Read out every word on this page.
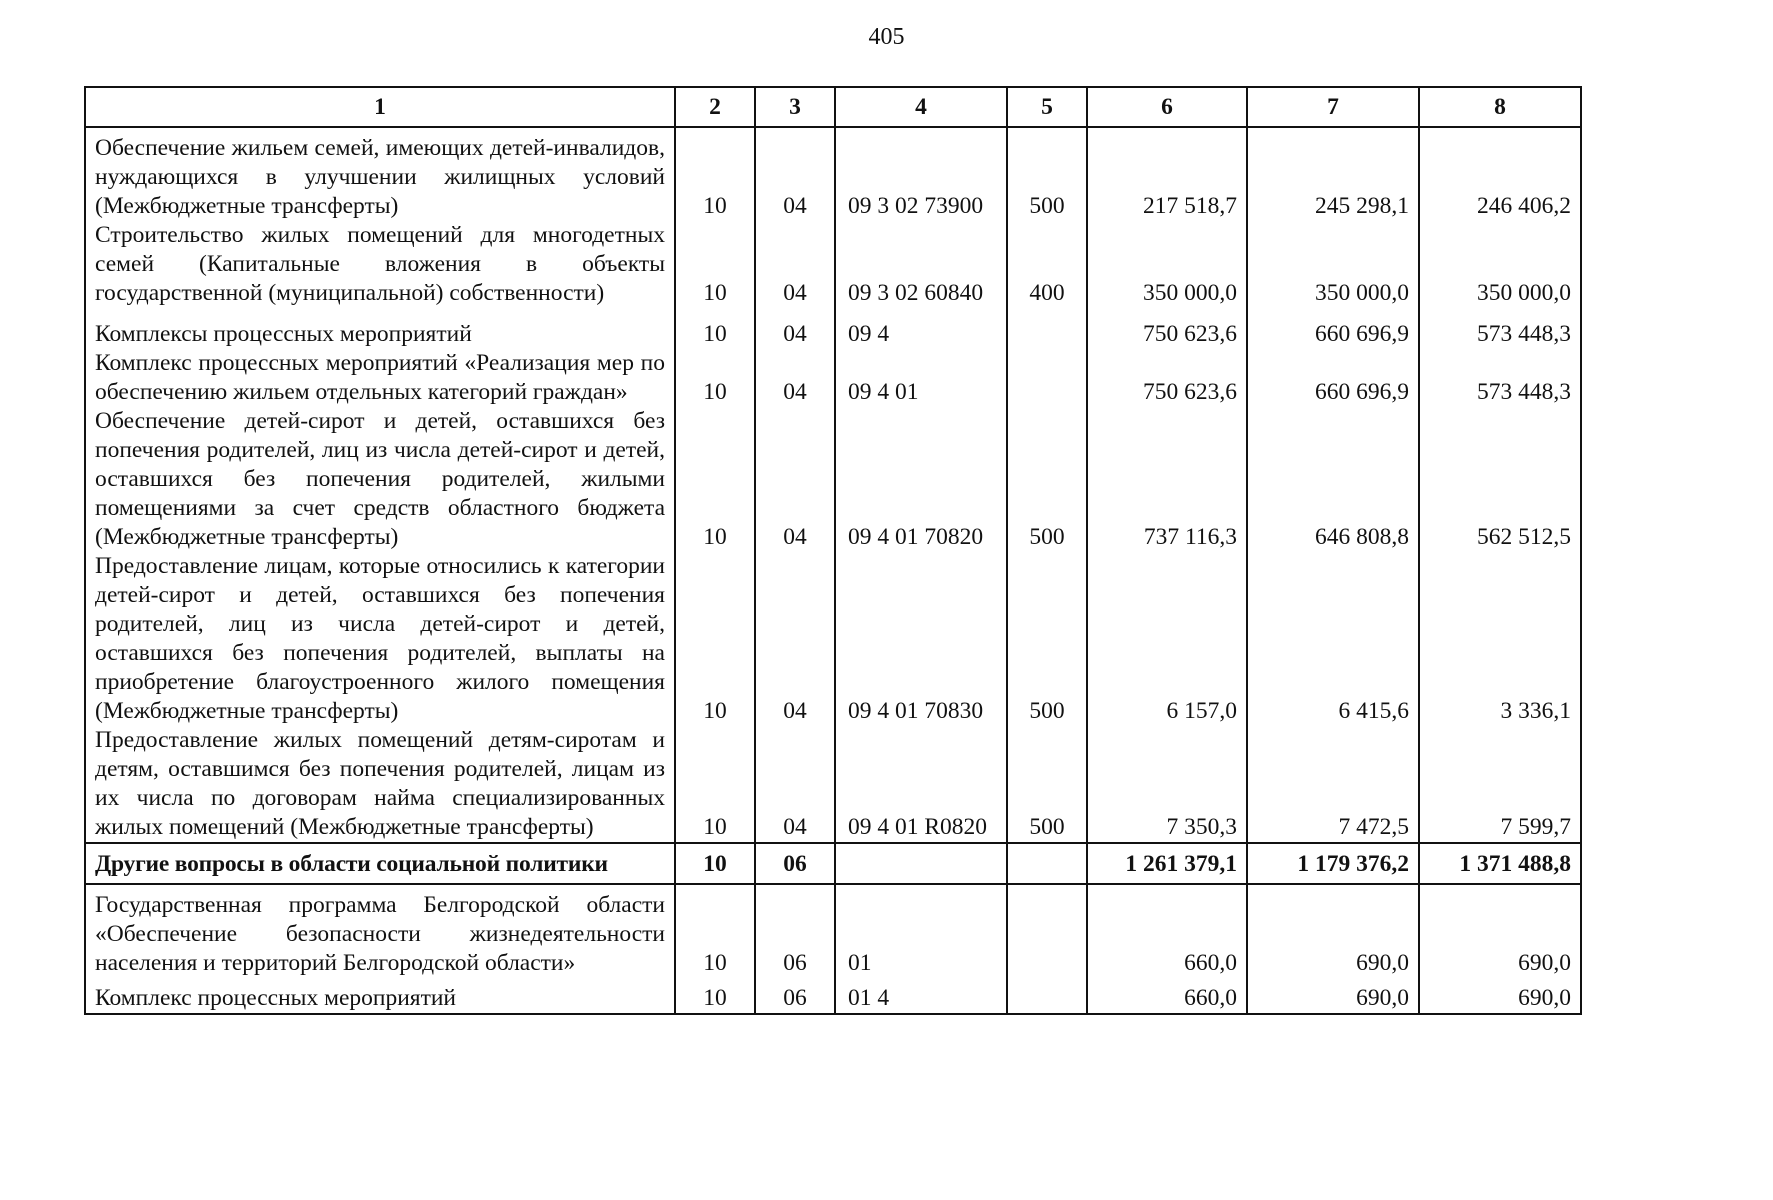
405
1	2	3	4	5	6	7	8
Обеспечение жильем семей, имеющих детей-инвалидов, нуждающихся в улучшении жилищных условий (Межбюджетные трансферты)	10	04	09 3 02 73900	500	217 518,7	245 298,1	246 406,2
Строительство жилых помещений для многодетных семей (Капитальные вложения в объекты государственной (муниципальной) собственности)	10	04	09 3 02 60840	400	350 000,0	350 000,0	350 000,0

Комплексы процессных мероприятий	10	04	09 4		750 623,6	660 696,9	573 448,3
Комплекс процессных мероприятий «Реализация мер по обеспечению жильем отдельных категорий граждан»	10	04	09 4 01		750 623,6	660 696,9	573 448,3
Обеспечение детей-сирот и детей, оставшихся без попечения родителей, лиц из числа детей-сирот и детей, оставшихся без попечения родителей, жилыми помещениями за счет средств областного бюджета (Межбюджетные трансферты)	10	04	09 4 01 70820	500	737 116,3	646 808,8	562 512,5
Предоставление лицам, которые относились к категории детей-сирот и детей, оставшихся без попечения родителей, лиц из числа детей-сирот и детей, оставшихся без попечения родителей, выплаты на приобретение благоустроенного жилого помещения (Межбюджетные трансферты)	10	04	09 4 01 70830	500	6 157,0	6 415,6	3 336,1
Предоставление жилых помещений детям-сиротам и детям, оставшимся без попечения родителей, лицам из их числа по договорам найма специализированных жилых помещений (Межбюджетные трансферты)	10	04	09 4 01 R0820	500	7 350,3	7 472,5	7 599,7
Другие вопросы в области социальной политики	10	06			1 261 379,1	1 179 376,2	1 371 488,8
Государственная программа Белгородской области «Обеспечение безопасности жизнедеятельности населения и территорий Белгородской области»	10	06	01		660,0	690,0	690,0
Комплекс процессных мероприятий	10	06	01 4		660,0	690,0	690,0
